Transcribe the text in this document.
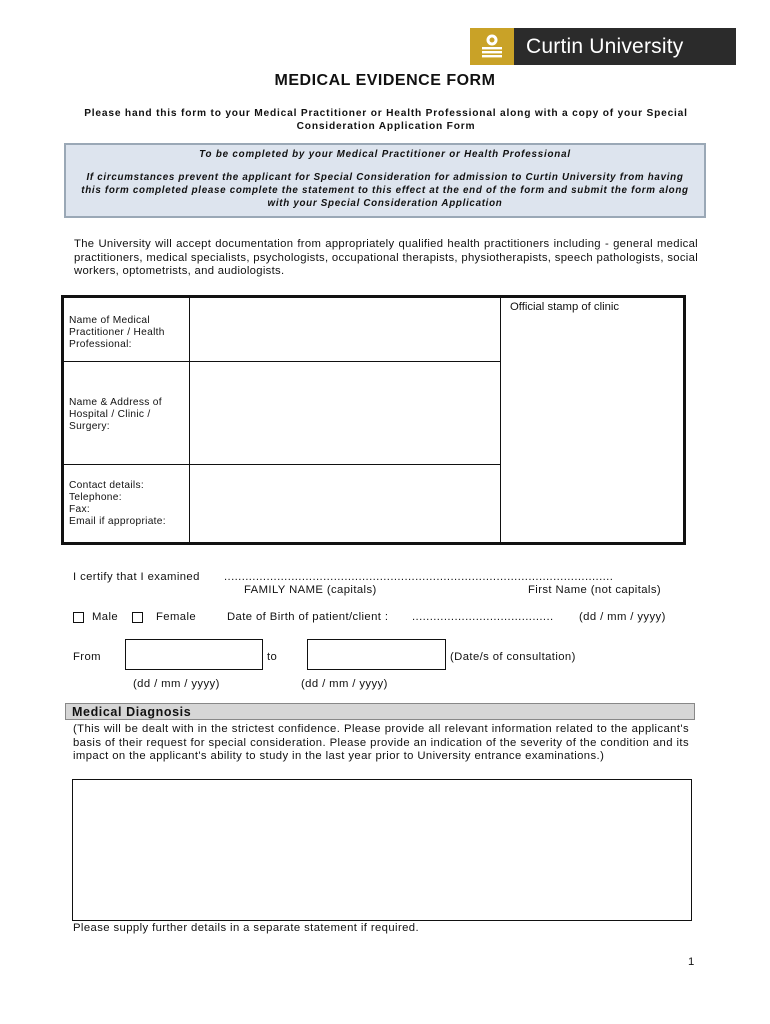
Curtin University
MEDICAL EVIDENCE FORM
Please hand this form to your Medical Practitioner or Health Professional along with a copy of your Special Consideration Application Form
To be completed by your Medical Practitioner or Health Professional
If circumstances prevent the applicant for Special Consideration for admission to Curtin University from having this form completed please complete the statement to this effect at the end of the form and submit the form along with your Special Consideration Application
The University will accept documentation from appropriately qualified health practitioners including - general medical practitioners, medical specialists, psychologists, occupational therapists, physiotherapists, speech pathologists, social workers, optometrists, and audiologists.
Name of Medical Practitioner / Health Professional:
Name & Address of Hospital / Clinic / Surgery:
Contact details:
Telephone:
Fax:
Email if appropriate:
Official stamp of clinic
I certify that I examined ..............................................................................................................
FAMILY NAME (capitals)	First Name (not capitals)
Male	Female	Date of Birth of patient/client : ........................................	(dd / mm / yyyy)
From	to	(Date/s of consultation)
(dd / mm / yyyy)	(dd / mm / yyyy)
Medical Diagnosis
(This will be dealt with in the strictest confidence. Please provide all relevant information related to the applicant's basis of their request for special consideration. Please provide an indication of the severity of the condition and its impact on the applicant's ability to study in the last year prior to University entrance examinations.)
Please supply further details in a separate statement if required.
1
